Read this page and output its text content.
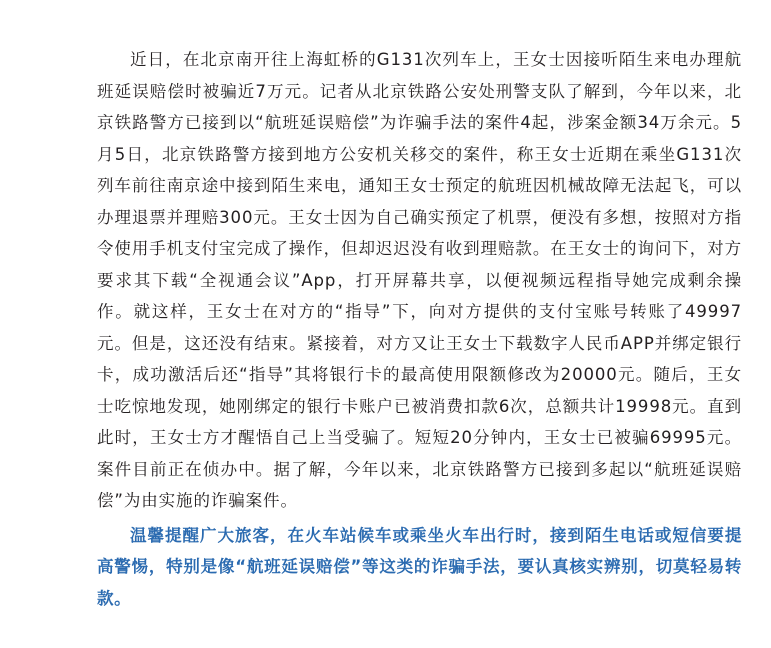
近日，在北京南开往上海虹桥的G131次列车上，王女士因接听陌生来电办理航班延误赔偿时被骗近7万元。记者从北京铁路公安处刑警支队了解到，今年以来，北京铁路警方已接到以“航班延误赔偿”为诈骗手法的案件4起，涉案金额34万余元。5月5日，北京铁路警方接到地方公安机关移交的案件，称王女士近期在乘坐G131次列车前往南京途中接到陌生来电，通知王女士预定的航班因机械故障无法起飞，可以办理退票并理赔300元。王女士因为自己确实预定了机票，便没有多想，按照对方指令使用手机支付宝完成了操作，但却迟迟没有收到理赔款。在王女士的询问下，对方要求其下载“全视通会议”App，打开屏幕共享，以便视频远程指导她完成剩余操作。就这样，王女士在对方的“指导”下，向对方提供的支付宝账号转账了49997元。但是，这还没有结束。紧接着，对方又让王女士下载数字人民币APP并绑定银行卡，成功激活后还“指导”其将银行卡的最高使用限额修改为20000元。随后，王女士吃惊地发现，她刚绑定的银行卡账户已被消费扣款6次，总额共计19998元。直到此时，王女士方才醒悟自己上当受骗了。短短20分钟内，王女士已被骗69995元。案件目前正在侦办中。据了解，今年以来，北京铁路警方已接到多起以“航班延误赔偿”为由实施的诈骗案件。

温馨提醒广大旅客，在火车站候车或乘坐火车出行时，接到陌生电话或短信要提高警惕，特别是像“航班延误赔偿”等这类的诈骗手法，要认真核实辨别，切莫轻易转款。
